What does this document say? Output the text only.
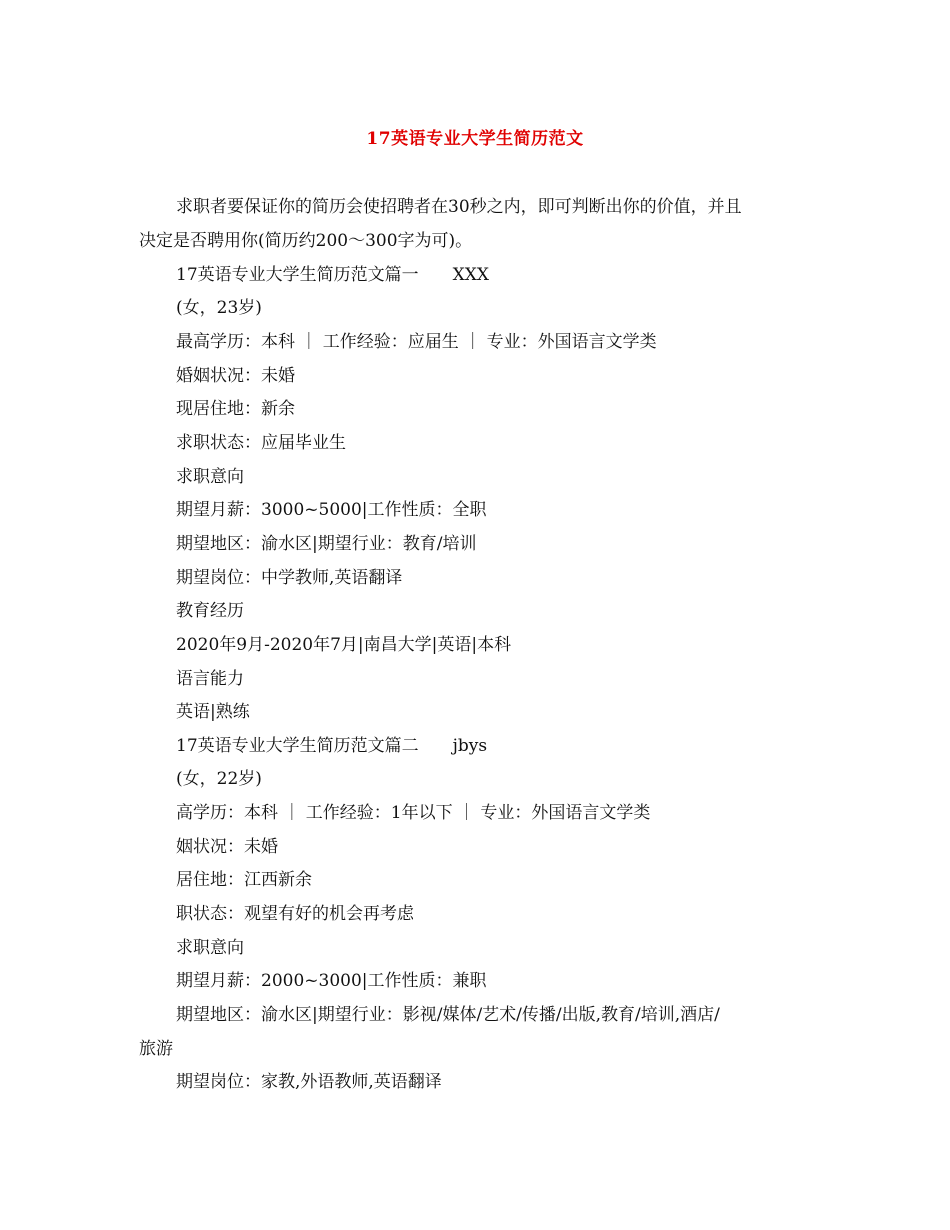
17英语专业大学生简历范文
求职者要保证你的简历会使招聘者在30秒之内，即可判断出你的价值，并且
决定是否聘用你(简历约200～300字为可)。
17英语专业大学生简历范文篇一　　XXX
(女，23岁)
最高学历：本科 ｜ 工作经验：应届生 ｜ 专业：外国语言文学类
婚姻状况：未婚
现居住地：新余
求职状态：应届毕业生
求职意向
期望月薪：3000~5000|工作性质：全职
期望地区：渝水区|期望行业：教育/培训
期望岗位：中学教师,英语翻译
教育经历
2020年9月-2020年7月|南昌大学|英语|本科
语言能力
英语|熟练
17英语专业大学生简历范文篇二　　jbys
(女，22岁)
高学历：本科 ｜ 工作经验：1年以下 ｜ 专业：外国语言文学类
姻状况：未婚
居住地：江西新余
职状态：观望有好的机会再考虑
求职意向
期望月薪：2000~3000|工作性质：兼职
期望地区：渝水区|期望行业：影视/媒体/艺术/传播/出版,教育/培训,酒店/
旅游
期望岗位：家教,外语教师,英语翻译
